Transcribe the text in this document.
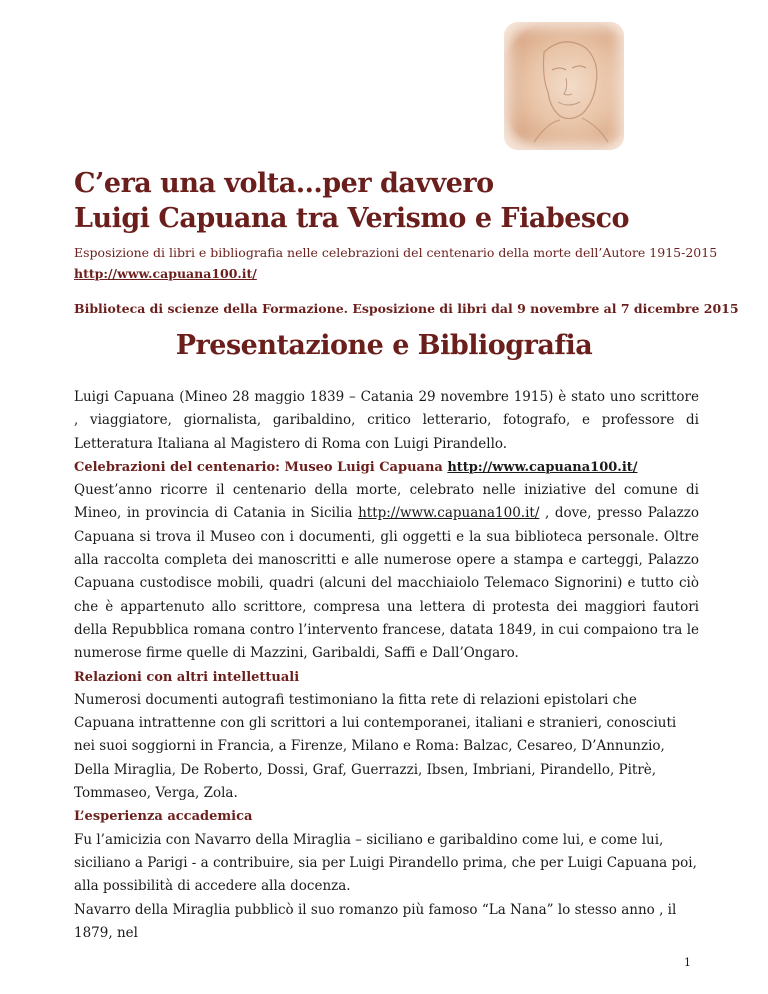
C’era una volta…per davvero
Luigi Capuana tra Verismo e Fiabesco
Esposizione di libri e bibliografia nelle celebrazioni del centenario della morte dell’Autore 1915-2015
http://www.capuana100.it/
Biblioteca di scienze della Formazione. Esposizione di libri dal 9 novembre al 7 dicembre 2015
Presentazione e Bibliografia

Luigi Capuana (Mineo 28 maggio 1839 – Catania 29 novembre 1915) è stato uno scrittore , viaggiatore, giornalista, garibaldino, critico letterario, fotografo, e professore di Letteratura Italiana al Magistero di Roma con Luigi Pirandello.

Celebrazioni del centenario: Museo Luigi Capuana http://www.capuana100.it/

Quest’anno ricorre il centenario della morte, celebrato nelle iniziative del comune di Mineo, in provincia di Catania in Sicilia http://www.capuana100.it/ , dove, presso Palazzo Capuana si trova il Museo con i documenti, gli oggetti e la sua biblioteca personale. Oltre alla raccolta completa dei manoscritti e alle numerose opere a stampa e carteggi, Palazzo Capuana custodisce mobili, quadri (alcuni del macchiaiolo Telemaco Signorini) e tutto ciò che è appartenuto allo scrittore, compresa una lettera di protesta dei maggiori fautori della Repubblica romana contro l’intervento francese, datata 1849, in cui compaiono tra le numerose firme quelle di Mazzini, Garibaldi, Saffi e Dall’Ongaro.

Relazioni con altri intellettuali

Numerosi documenti autografi testimoniano la fitta rete di relazioni epistolari che Capuana intrattenne con gli scrittori a lui contemporanei, italiani e stranieri, conosciuti nei suoi soggiorni in Francia, a Firenze, Milano e Roma: Balzac, Cesareo, D’Annunzio, Della Miraglia, De Roberto, Dossi, Graf, Guerrazzi, Ibsen, Imbriani, Pirandello, Pitrè, Tommaseo, Verga, Zola.

L’esperienza accademica

Fu l’amicizia con Navarro della Miraglia – siciliano e garibaldino come lui, e come lui, siciliano a Parigi - a contribuire, sia per Luigi Pirandello prima, che per Luigi Capuana poi, alla possibilità di accedere alla docenza.

Navarro della Miraglia pubblicò il suo romanzo più famoso “La Nana” lo stesso anno , il 1879, nel

1
